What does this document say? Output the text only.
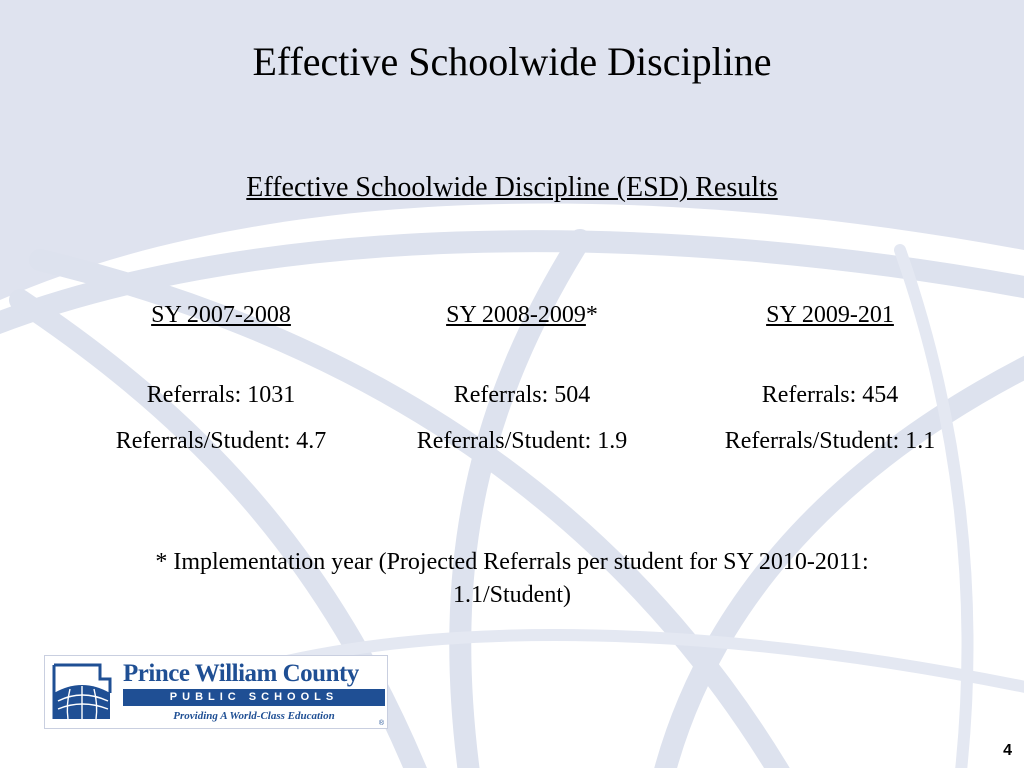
Effective Schoolwide Discipline
Effective Schoolwide Discipline (ESD) Results
SY 2007-2008
Referrals: 1031
Referrals/Student: 4.7
SY 2008-2009*
Referrals: 504
Referrals/Student: 1.9
SY 2009-201
Referrals: 454
Referrals/Student: 1.1
* Implementation year (Projected Referrals per student for SY 2010-2011:
1.1/Student)
Prince William County
PUBLIC SCHOOLS
Providing A World-Class Education
®
4
